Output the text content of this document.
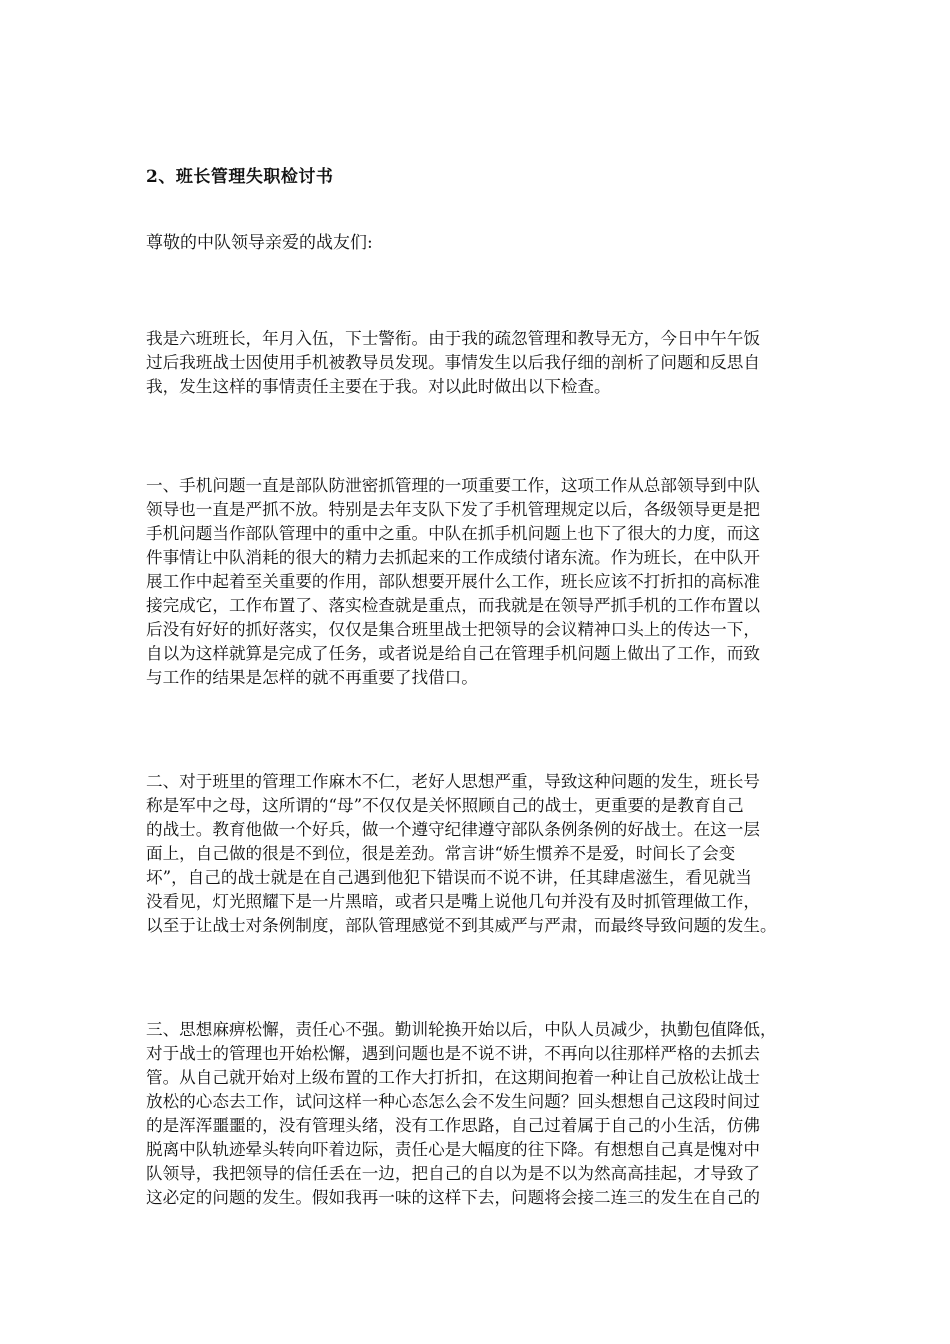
2、班长管理失职检讨书
尊敬的中队领导亲爱的战友们:
我是六班班长，年月入伍，下士警衔。由于我的疏忽管理和教导无方，今日中午午饭
过后我班战士因使用手机被教导员发现。事情发生以后我仔细的剖析了问题和反思自
我，发生这样的事情责任主要在于我。对以此时做出以下检查。
一、手机问题一直是部队防泄密抓管理的一项重要工作，这项工作从总部领导到中队
领导也一直是严抓不放。特别是去年支队下发了手机管理规定以后，各级领导更是把
手机问题当作部队管理中的重中之重。中队在抓手机问题上也下了很大的力度，而这
件事情让中队消耗的很大的精力去抓起来的工作成绩付诸东流。作为班长，在中队开
展工作中起着至关重要的作用，部队想要开展什么工作，班长应该不打折扣的高标准
接完成它，工作布置了、落实检查就是重点，而我就是在领导严抓手机的工作布置以
后没有好好的抓好落实，仅仅是集合班里战士把领导的会议精神口头上的传达一下，
自以为这样就算是完成了任务，或者说是给自己在管理手机问题上做出了工作，而致
与工作的结果是怎样的就不再重要了找借口。
二、对于班里的管理工作麻木不仁，老好人思想严重，导致这种问题的发生，班长号
称是军中之母，这所谓的“母”不仅仅是关怀照顾自己的战士，更重要的是教育自己
的战士。教育他做一个好兵，做一个遵守纪律遵守部队条例条例的好战士。在这一层
面上，自己做的很是不到位，很是差劲。常言讲“娇生惯养不是爱，时间长了会变
坏”，自己的战士就是在自己遇到他犯下错误而不说不讲，任其肆虐滋生，看见就当
没看见，灯光照耀下是一片黑暗，或者只是嘴上说他几句并没有及时抓管理做工作，
以至于让战士对条例制度，部队管理感觉不到其威严与严肃，而最终导致问题的发生。
三、思想麻痹松懈，责任心不强。勤训轮换开始以后，中队人员减少，执勤包值降低，
对于战士的管理也开始松懈，遇到问题也是不说不讲，不再向以往那样严格的去抓去
管。从自己就开始对上级布置的工作大打折扣，在这期间抱着一种让自己放松让战士
放松的心态去工作，试问这样一种心态怎么会不发生问题？回头想想自己这段时间过
的是浑浑噩噩的，没有管理头绪，没有工作思路，自己过着属于自己的小生活，仿佛
脱离中队轨迹晕头转向吓着边际，责任心是大幅度的往下降。有想想自己真是愧对中
队领导，我把领导的信任丢在一边，把自己的自以为是不以为然高高挂起，才导致了
这必定的问题的发生。假如我再一味的这样下去，问题将会接二连三的发生在自己的
